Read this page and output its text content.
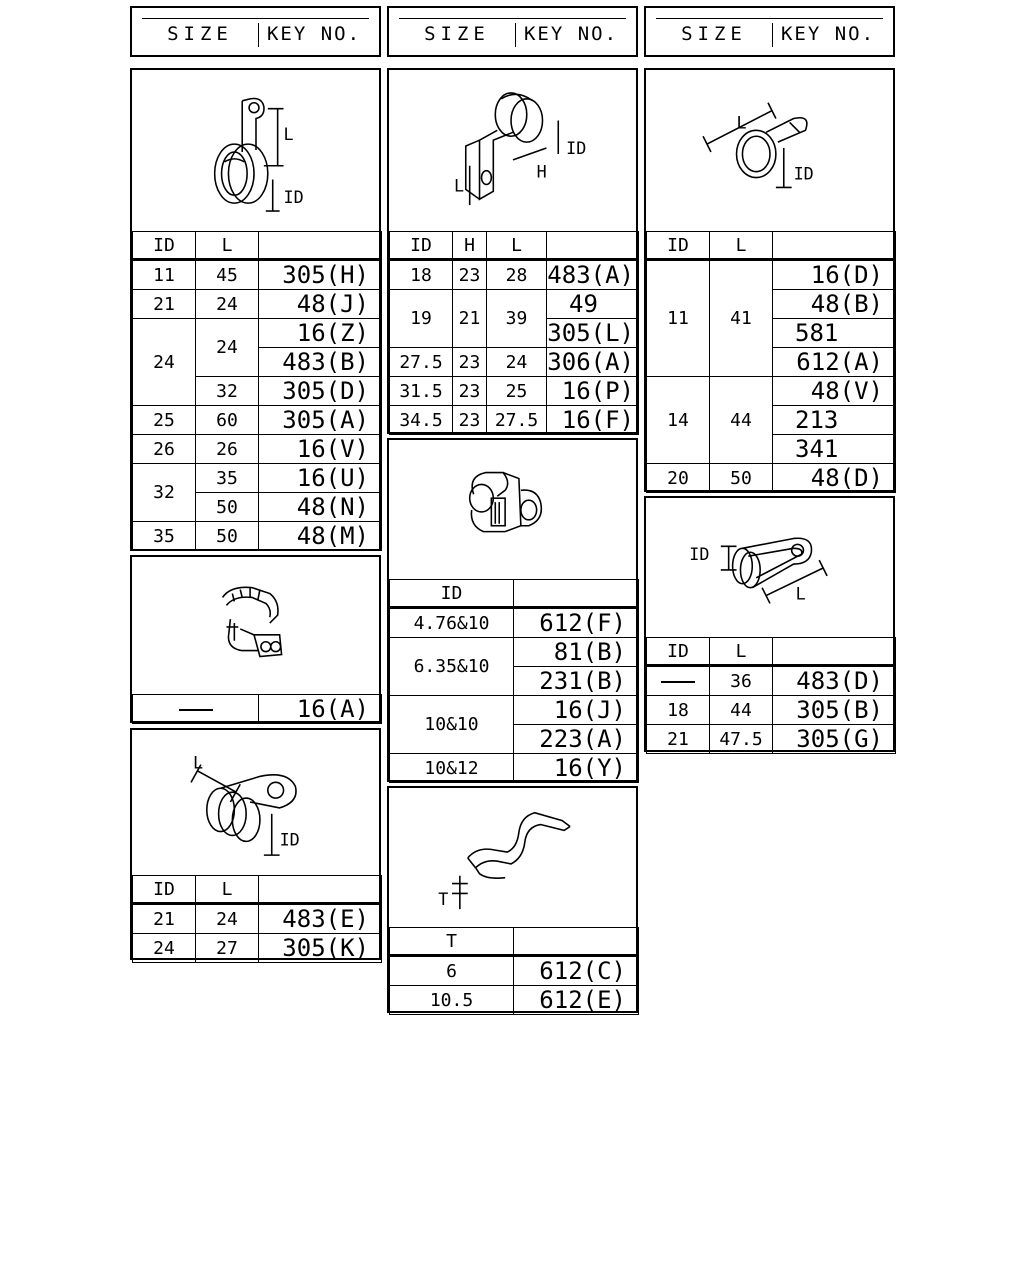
SIZE	KEY NO.	SIZE	KEY NO.	SIZE	KEY NO.
L
ID
ID	L	
11	45	305(H)
21	24	48(J)
24	24	16(Z)
		483(B)
	32	305(D)
25	60	305(A)
26	26	16(V)
32	35	16(U)
	50	48(N)
35	50	48(M)
	16(A)
L
ID
ID	L	
21	24	483(E)
24	27	305(K)
L
ID
H
ID	H	L	
18	23	28	483(A)
19	21	39	49
			305(L)
27.5	23	24	306(A)
31.5	23	25	16(P)
34.5	23	27.5	16(F)
ID	
4.76&10	612(F)
6.35&10	81(B)
	231(B)
10&10	16(J)
	223(A)
10&12	16(Y)
T
T	
6	612(C)
10.5	612(E)
L
ID
ID	L	
11	41	16(D)
		48(B)
		581
		612(A)
14	44	48(V)
		213
		341
20	50	48(D)
ID
L
ID	L	
	36	483(D)
18	44	305(B)
21	47.5	305(G)
